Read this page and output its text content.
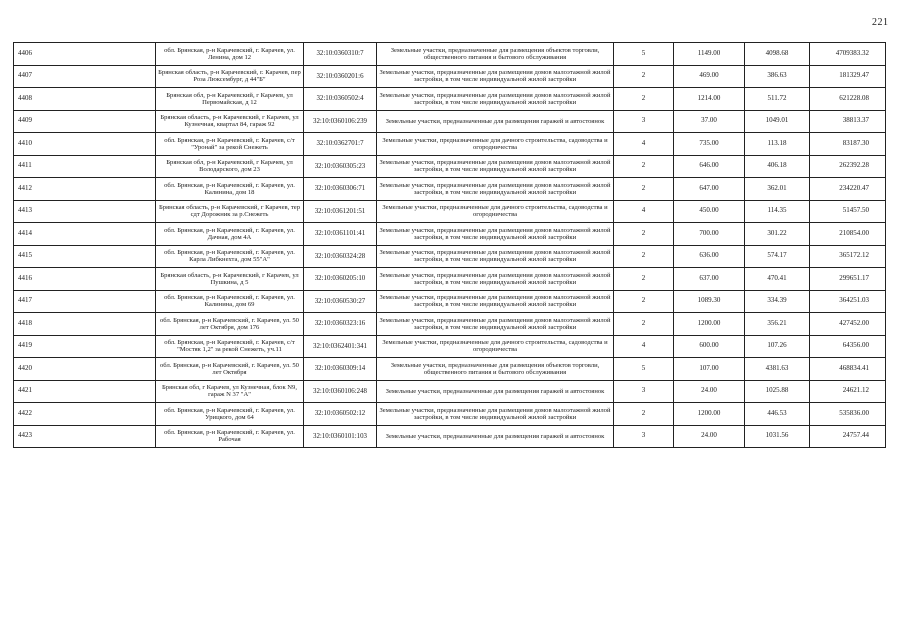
221
4406	обл. Брянская, р-н Карачевский, г. Карачев, ул. Ленина, дом 12	32:10:0360310:7	Земельные участки, предназначенные для размещения объектов торговли, общественного питания и бытового обслуживания	5	1149.00	4098.68	4709383.32
4407	Брянская область, р-н Карачевский, г. Карачев, пер Роза Люксембург, д 44"Б"	32:10:0360201:6	Земельные участки, предназначенные для размещения домов малоэтажной жилой застройки, в том числе индивидуальной жилой застройки	2	469.00	386.63	181329.47
4408	Брянская обл, р-н Карачевский, г Карачев, ул Первомайская, д 12	32:10:0360502:4	Земельные участки, предназначенные для размещения домов малоэтажной жилой застройки, в том числе индивидуальной жилой застройки	2	1214.00	511.72	621228.08
4409	Брянская область, р-н Карачевский, г Карачев, ул Кузнечная, квартал 84, гараж 92	32:10:0360106:239	Земельные участки, предназначенные для размещения гаражей и автостоянок	3	37.00	1049.01	38813.37
4410	обл. Брянская, р-н Карачевский, г. Карачев, с/т "Уронай" за рекой Снежеть	32:10:0362701:7	Земельные участки, предназначенные для дачного строительства, садоводства и огородничества	4	735.00	113.18	83187.30
4411	Брянская обл, р-н Карачевский, г Карачев, ул Володарского, дом 23	32:10:0360305:23	Земельные участки, предназначенные для размещения домов малоэтажной жилой застройки, в том числе индивидуальной жилой застройки	2	646.00	406.18	262392.28
4412	обл. Брянская, р-н Карачевский, г. Карачев, ул. Калинина, дом 18	32:10:0360306:71	Земельные участки, предназначенные для размещения домов малоэтажной жилой застройки, в том числе индивидуальной жилой застройки	2	647.00	362.01	234220.47
4413	Брянская область, р-н Карачевский, г Карачев, тер сдт Дорожник за р.Снежеть	32:10:0361201:51	Земельные участки, предназначенные для дачного строительства, садоводства и огородничества	4	450.00	114.35	51457.50
4414	обл. Брянская, р-н Карачевский, г. Карачев, ул. Дачная, дом 4А	32:10:0361101:41	Земельные участки, предназначенные для размещения домов малоэтажной жилой застройки, в том числе индивидуальной жилой застройки	2	700.00	301.22	210854.00
4415	обл. Брянская, р-н Карачевский, г. Карачев, ул. Карла Либкнехта, дом 55"А"	32:10:0360324:28	Земельные участки, предназначенные для размещения домов малоэтажной жилой застройки, в том числе индивидуальной жилой застройки	2	636.00	574.17	365172.12
4416	Брянская область, р-н Карачевский, г Карачев, ул Пушкина, д 5	32:10:0360205:10	Земельные участки, предназначенные для размещения домов малоэтажной жилой застройки, в том числе индивидуальной жилой застройки	2	637.00	470.41	299651.17
4417	обл. Брянская, р-н Карачевский, г. Карачев, ул. Калинина, дом 69	32:10:0360530:27	Земельные участки, предназначенные для размещения домов малоэтажной жилой застройки, в том числе индивидуальной жилой застройки	2	1089.30	334.39	364251.03
4418	обл. Брянская, р-н Карачевский, г. Карачев, ул. 50 лет Октября, дом 176	32:10:0360323:16	Земельные участки, предназначенные для размещения домов малоэтажной жилой застройки, в том числе индивидуальной жилой застройки	2	1200.00	356.21	427452.00
4419	обл. Брянская, р-н Карачевский, г. Карачев, с/т "Мостяк 1,2" за рекой Снежеть, уч.11	32:10:0362401:341	Земельные участки, предназначенные для дачного строительства, садоводства и огородничества	4	600.00	107.26	64356.00
4420	обл. Брянская, р-н Карачевский, г. Карачев, ул. 50 лет Октября	32:10:0360309:14	Земельные участки, предназначенные для размещения объектов торговли, общественного питания и бытового обслуживания	5	107.00	4381.63	468834.41
4421	Брянская обл, г Карачев, ул Кузнечная, блок N9, гараж N 37 "А"	32:10:0360106:248	Земельные участки, предназначенные для размещения гаражей и автостоянок	3	24.00	1025.88	24621.12
4422	обл. Брянская, р-н Карачевский, г. Карачев, ул. Урицкого, дом 64	32:10:0360502:12	Земельные участки, предназначенные для размещения домов малоэтажной жилой застройки, в том числе индивидуальной жилой застройки	2	1200.00	446.53	535836.00
4423	обл. Брянская, р-н Карачевский, г. Карачев, ул. Рабочая	32:10:0360101:103	Земельные участки, предназначенные для размещения гаражей и автостоянок	3	24.00	1031.56	24757.44
